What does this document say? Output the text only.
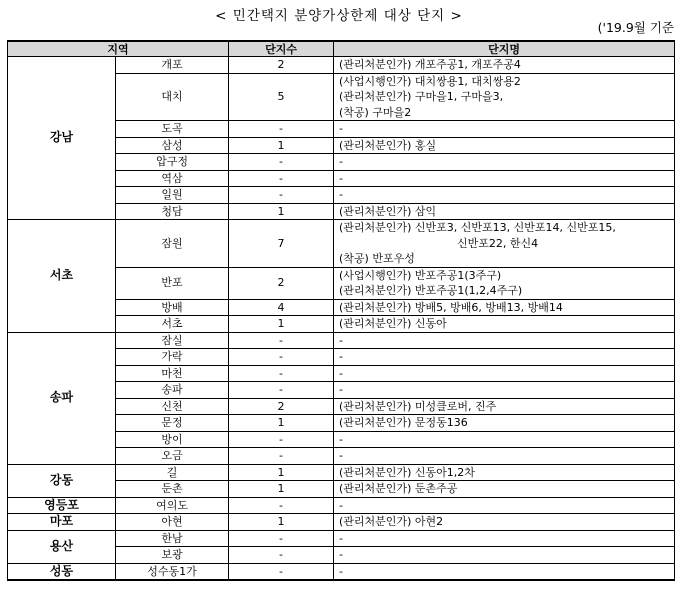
< 민간택지 분양가상한제 대상 단지 >
('19.9월 기준
지역		단지수	단지명
강남	개포	2	(관리처분인가) 개포주공1, 개포주공4

	대치	5	(사업시행인가) 대치쌍용1, 대치쌍용2
(관리처분인가) 구마을1, 구마을3,
(착공) 구마을2

	도곡	-	-

	삼성	1	(관리처분인가) 홍실

	압구정	-	-

	역삼	-	-

	일원	-	-

	청담	1	(관리처분인가) 삼익

서초	잠원	7	(관리처분인가) 신반포3, 신반포13, 신반포14, 신반포15,
신반포22, 한신4
(착공) 반포우성

	반포	2	(사업시행인가) 반포주공1(3주구)
(관리처분인가) 반포주공1(1,2,4주구)

	방배	4	(관리처분인가) 방배5, 방배6, 방배13, 방배14

	서초	1	(관리처분인가) 신동아

송파	잠실	-	-

	가락	-	-

	마천	-	-

	송파	-	-

	신천	2	(관리처분인가) 미성클로버, 진주

	문정	1	(관리처분인가) 문정동136

	방이	-	-

	오금	-	-

강동	길	1	(관리처분인가) 신동아1,2차

	둔촌	1	(관리처분인가) 둔촌주공

영등포	여의도	-	-

마포	아현	1	(관리처분인가) 아현2

용산	한남	-	-

	보광	-	-

성동	성수동1가	-	-
